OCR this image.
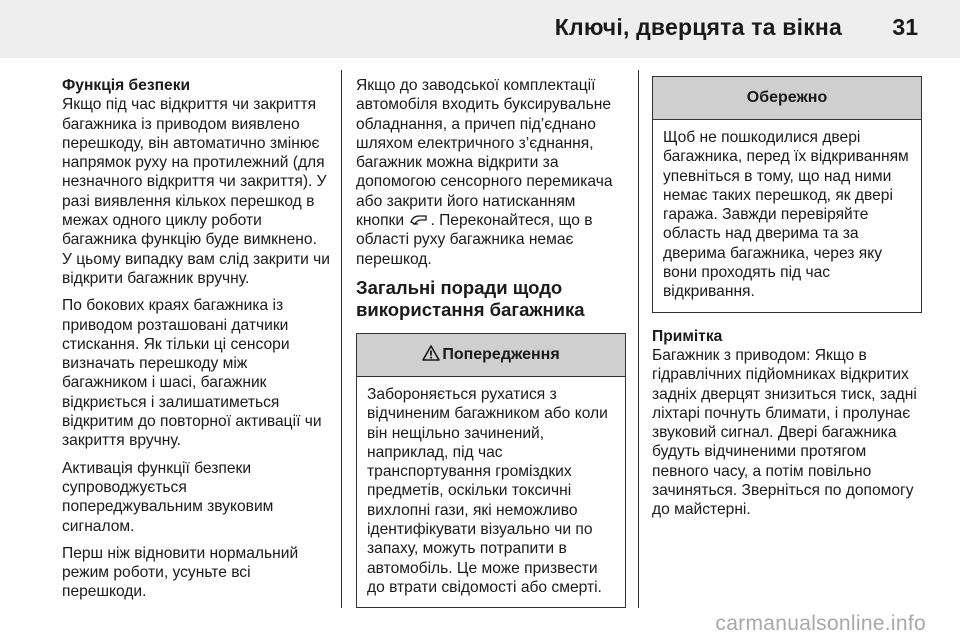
Ключі, дверцята та вікна 31
Функція безпеки

Якщо під час відкриття чи закриття багажника із приводом виявлено перешкоду, він автоматично змінює напрямок руху на протилежний (для незначного відкриття чи закриття). У разі виявлення кількох перешкод в межах одного циклу роботи багажника функцію буде вимкнено. У цьому випадку вам слід закрити чи відкрити багажник вручну.

По бокових краях багажника із приводом розташовані датчики стискання. Як тільки ці сенсори визначать перешкоду між багажником і шасі, багажник відкриється і залишатиметься відкритим до повторної активації чи закриття вручну.

Активація функції безпеки супроводжується попереджувальним звуковим сигналом.

Перш ніж відновити нормальний режим роботи, усуньте всі перешкоди.

Якщо до заводської комплектації автомобіля входить буксирувальне обладнання, а причеп під’єднано шляхом електричного з’єднання, багажник можна відкрити за допомогою сенсорного перемикача або закрити його натисканням кнопки . Переконайтеся, що в області руху багажника немає перешкод.

Загальні поради щодо використання багажника
Попередження
Забороняється рухатися з відчиненим багажником або коли він нещільно зачинений, наприклад, під час транспортування громіздких предметів, оскільки токсичні вихлопні гази, які неможливо ідентифікувати візуально чи по запаху, можуть потрапити в автомобіль. Це може призвести до втрати свідомості або смерті.
Обережно
Щоб не пошкодилися двері багажника, перед їх відкриванням упевніться в тому, що над ними немає таких перешкод, як двері гаража. Завжди перевіряйте область над дверима та за дверима багажника, через яку вони проходять під час відкривання.
Примітка
Багажник з приводом: Якщо в гідравлічних підйомниках відкритих задніх дверцят знизиться тиск, задні ліхтарі почнуть блимати, і пролунає звуковий сигнал. Двері багажника будуть відчиненими протягом певного часу, а потім повільно зачиняться. Зверніться по допомогу до майстерні.
carmanualsonline.info
